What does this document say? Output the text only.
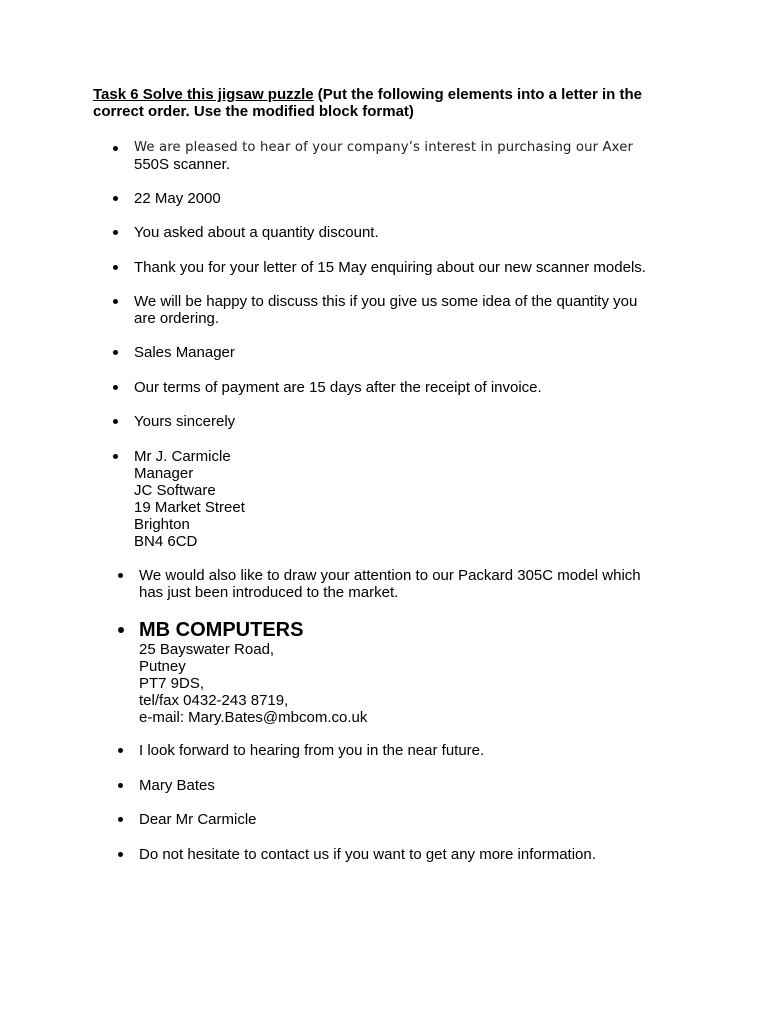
Task 6 Solve this jigsaw puzzle (Put the following elements into a letter in the
correct order. Use the modified block format)
We are pleased to hear of your company’s interest in purchasing our Axer
550S scanner.
22 May 2000
You asked about a quantity discount.
Thank you for your letter of 15 May enquiring about our new scanner models.
We will be happy to discuss this if you give us some idea of the quantity you
are ordering.
Sales Manager
Our terms of payment are 15 days after the receipt of invoice.
Yours sincerely
Mr J. Carmicle
Manager
JC Software
19 Market Street
Brighton
BN4 6CD
We would also like to draw your attention to our Packard 305C model which
has just been introduced to the market.
MB COMPUTERS
25 Bayswater Road,
Putney
PT7 9DS,
tel/fax 0432-243 8719,
e-mail: Mary.Bates@mbcom.co.uk
I look forward to hearing from you in the near future.
Mary Bates
Dear Mr Carmicle
Do not hesitate to contact us if you want to get any more information.
